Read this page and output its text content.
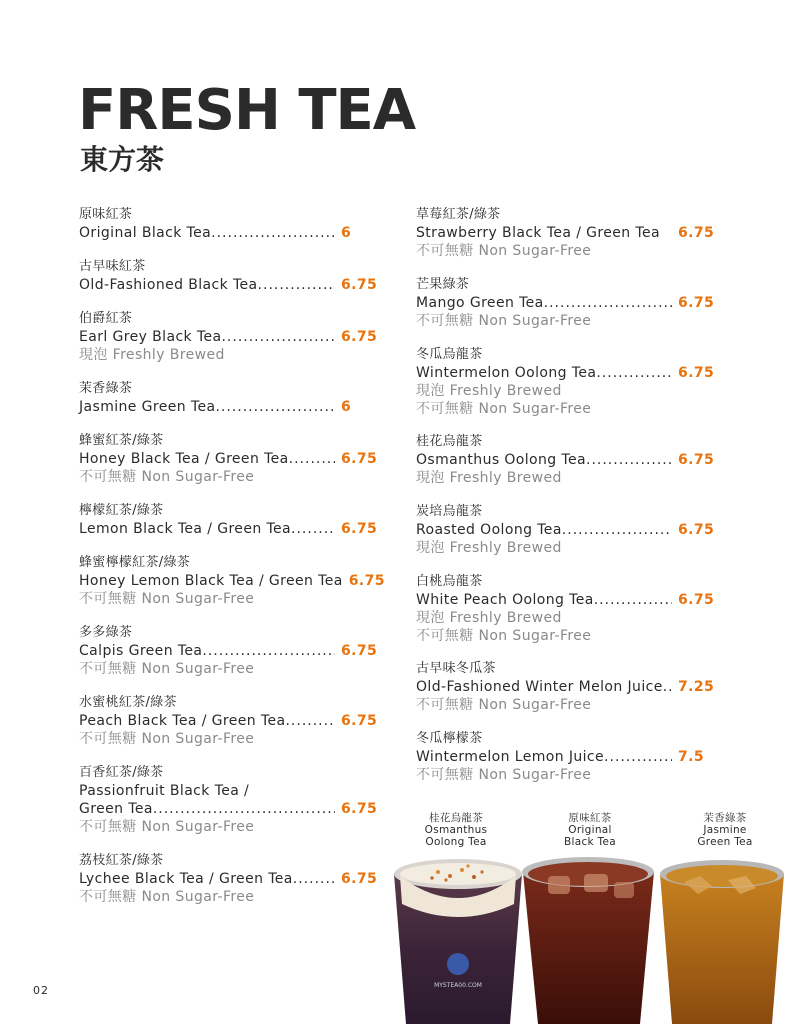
FRESH TEA
東方茶
原味紅茶
Original Black Tea .....	6
古早味紅茶
Old-Fashioned Black Tea .....	6.75
伯爵紅茶
Earl Grey Black Tea .....	6.75
現泡 Freshly Brewed
茉香綠茶
Jasmine Green Tea .....	6
蜂蜜紅茶/綠茶
Honey Black Tea / Green Tea .....	6.75
不可無糖 Non Sugar-Free
檸檬紅茶/綠茶
Lemon Black Tea / Green Tea .....	6.75
蜂蜜檸檬紅茶/綠茶
Honey Lemon Black Tea / Green Tea 6.75
不可無糖 Non Sugar-Free
多多綠茶
Calpis Green Tea .....	6.75
不可無糖 Non Sugar-Free
水蜜桃紅茶/綠茶
Peach Black Tea / Green Tea .....	6.75
不可無糖 Non Sugar-Free
百香紅茶/綠茶
Passionfruit Black Tea /
Green Tea .....	6.75
不可無糖 Non Sugar-Free
荔枝紅茶/綠茶
Lychee Black Tea / Green Tea .....	6.75
不可無糖 Non Sugar-Free
草莓紅茶/綠茶
Strawberry Black Tea / Green Tea 6.75
不可無糖 Non Sugar-Free
芒果綠茶
Mango Green Tea .....	6.75
不可無糖 Non Sugar-Free
冬瓜烏龍茶
Wintermelon Oolong Tea .....	6.75
現泡 Freshly Brewed
不可無糖 Non Sugar-Free
桂花烏龍茶
Osmanthus Oolong Tea .....	6.75
現泡 Freshly Brewed
炭培烏龍茶
Roasted Oolong Tea .....	6.75
現泡 Freshly Brewed
白桃烏龍茶
White Peach Oolong Tea .....	6.75
現泡 Freshly Brewed
不可無糖 Non Sugar-Free
古早味冬瓜茶
Old-Fashioned Winter Melon Juice ..... 7.25
不可無糖 Non Sugar-Free
冬瓜檸檬茶
Wintermelon Lemon Juice .....	7.5
不可無糖 Non Sugar-Free
桂花烏龍茶
Osmanthus
Oolong Tea
原味紅茶
Original
Black Tea
茉香綠茶
Jasmine
Green Tea
MYSTEA00.COM
02
